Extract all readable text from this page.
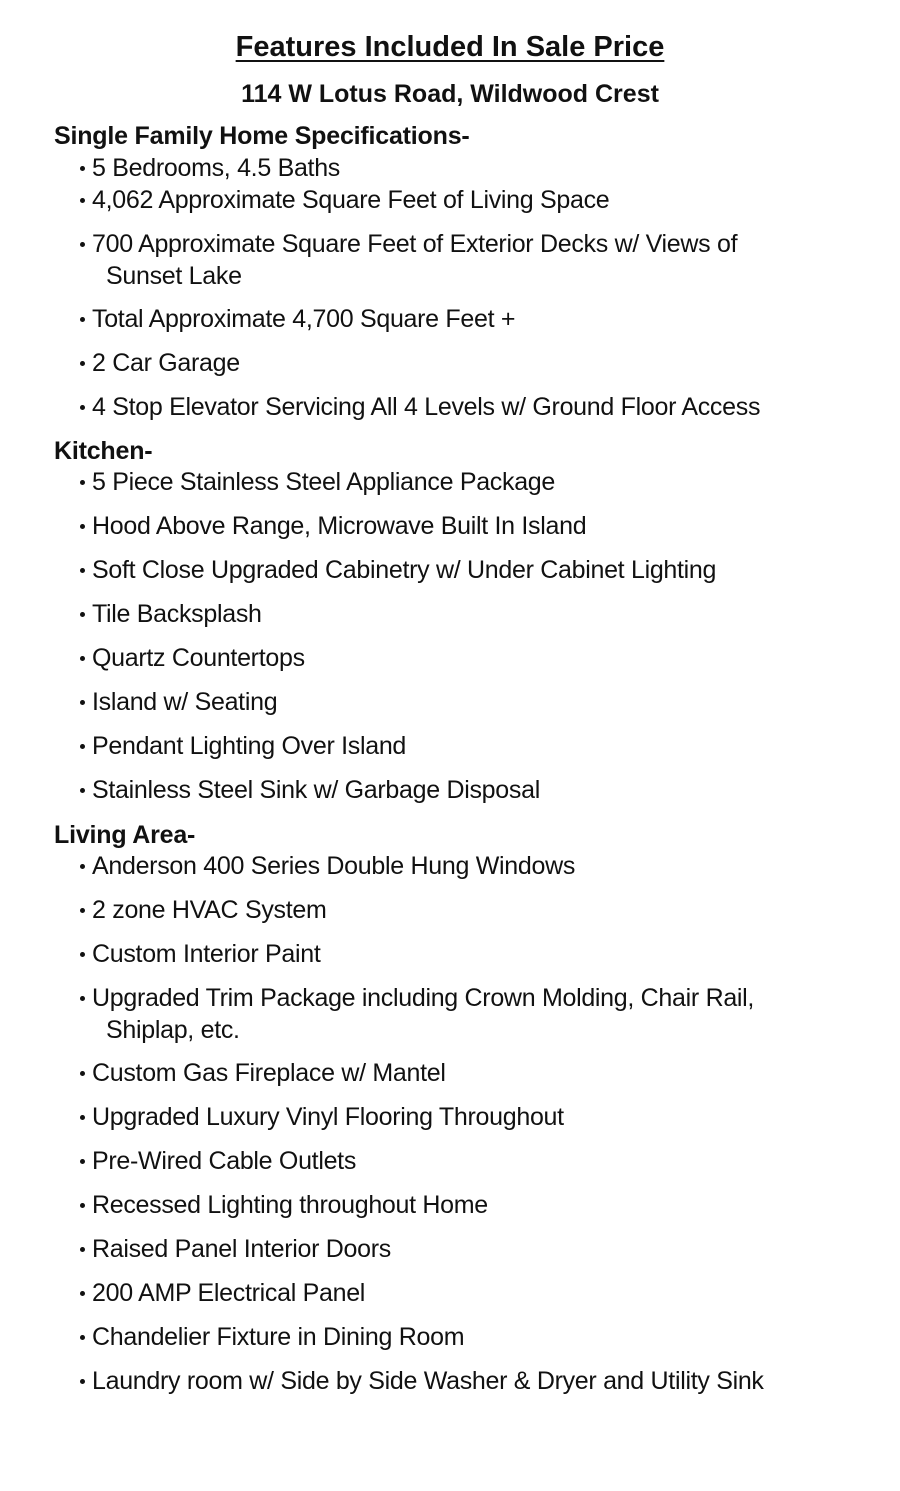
Features Included In Sale Price
114 W Lotus Road, Wildwood Crest
Single Family Home Specifications-
5 Bedrooms, 4.5 Baths
4,062 Approximate Square Feet of Living Space
700 Approximate Square Feet of Exterior Decks w/ Views of Sunset Lake
Total Approximate 4,700 Square Feet +
2 Car Garage
4 Stop Elevator Servicing All 4 Levels w/ Ground Floor Access
Kitchen-
5 Piece Stainless Steel Appliance Package
Hood Above Range, Microwave Built In Island
Soft Close Upgraded Cabinetry w/ Under Cabinet Lighting
Tile Backsplash
Quartz Countertops
Island w/ Seating
Pendant Lighting Over Island
Stainless Steel Sink w/ Garbage Disposal
Living Area-
Anderson 400 Series Double Hung Windows
2 zone HVAC System
Custom Interior Paint
Upgraded Trim Package including Crown Molding, Chair Rail, Shiplap, etc.
Custom Gas Fireplace w/ Mantel
Upgraded Luxury Vinyl Flooring Throughout
Pre-Wired Cable Outlets
Recessed Lighting throughout Home
Raised Panel Interior Doors
200 AMP Electrical Panel
Chandelier Fixture in Dining Room
Laundry room w/ Side by Side Washer & Dryer and Utility Sink
